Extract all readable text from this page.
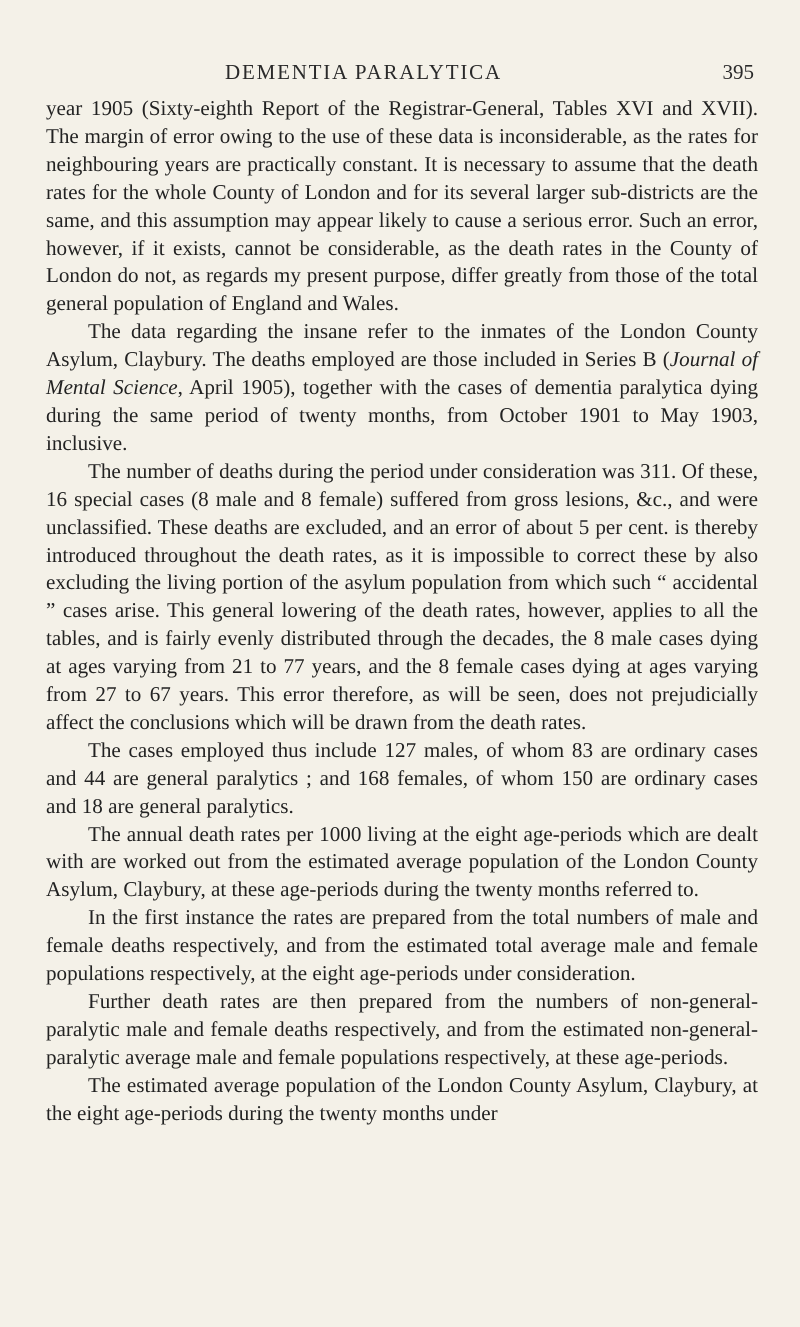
DEMENTIA PARALYTICA	395

year 1905 (Sixty-eighth Report of the Registrar-General, Tables XVI and XVII). The margin of error owing to the use of these data is inconsiderable, as the rates for neighbouring years are practically constant. It is necessary to assume that the death rates for the whole County of London and for its several larger sub-districts are the same, and this assumption may appear likely to cause a serious error. Such an error, however, if it exists, cannot be considerable, as the death rates in the County of London do not, as regards my present purpose, differ greatly from those of the total general population of England and Wales.

The data regarding the insane refer to the inmates of the London County Asylum, Claybury. The deaths employed are those included in Series B (Journal of Mental Science, April 1905), together with the cases of dementia paralytica dying during the same period of twenty months, from October 1901 to May 1903, inclusive.

The number of deaths during the period under consideration was 311. Of these, 16 special cases (8 male and 8 female) suffered from gross lesions, &c., and were unclassified. These deaths are excluded, and an error of about 5 per cent. is thereby introduced throughout the death rates, as it is impossible to correct these by also excluding the living portion of the asylum population from which such “ accidental ” cases arise. This general lowering of the death rates, however, applies to all the tables, and is fairly evenly distributed through the decades, the 8 male cases dying at ages varying from 21 to 77 years, and the 8 female cases dying at ages varying from 27 to 67 years. This error therefore, as will be seen, does not prejudicially affect the conclusions which will be drawn from the death rates.

The cases employed thus include 127 males, of whom 83 are ordinary cases and 44 are general paralytics ; and 168 females, of whom 150 are ordinary cases and 18 are general paralytics.

The annual death rates per 1000 living at the eight age-periods which are dealt with are worked out from the estimated average population of the London County Asylum, Claybury, at these age-periods during the twenty months referred to.

In the first instance the rates are prepared from the total numbers of male and female deaths respectively, and from the estimated total average male and female populations respectively, at the eight age-periods under consideration.

Further death rates are then prepared from the numbers of non-general-paralytic male and female deaths respectively, and from the estimated non-general-paralytic average male and female populations respectively, at these age-periods.

The estimated average population of the London County Asylum, Claybury, at the eight age-periods during the twenty months under
